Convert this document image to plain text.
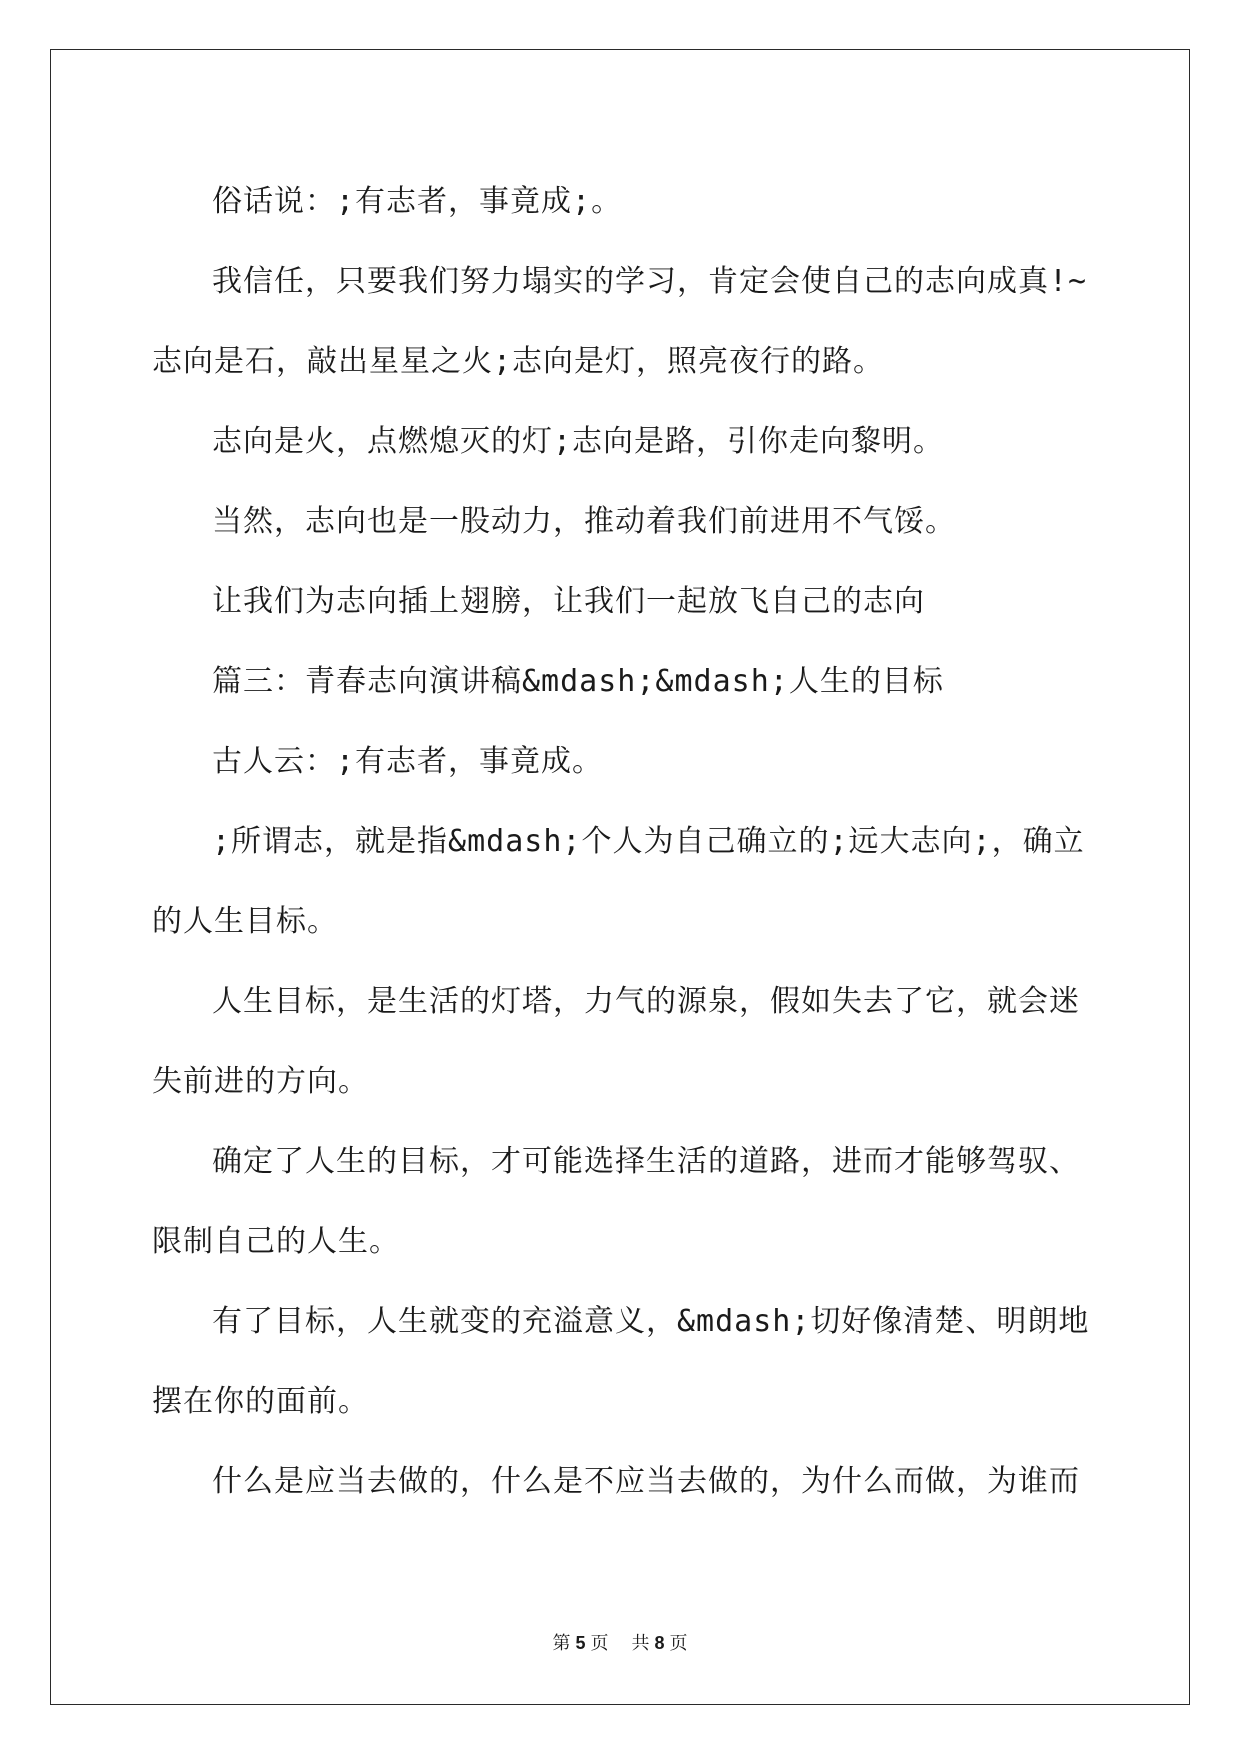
俗话说：;有志者，事竟成;。

我信任，只要我们努力塌实的学习，肯定会使自己的志向成真!~

志向是石，敲出星星之火;志向是灯，照亮夜行的路。

志向是火，点燃熄灭的灯;志向是路，引你走向黎明。

当然，志向也是一股动力，推动着我们前进用不气馁。

让我们为志向插上翅膀，让我们一起放飞自己的志向

篇三：青春志向演讲稿&mdash;&mdash;人生的目标

古人云：;有志者，事竟成。

;所谓志，就是指&mdash;个人为自己确立的;远大志向;，确立的人生目标。

人生目标，是生活的灯塔，力气的源泉，假如失去了它，就会迷失前进的方向。

确定了人生的目标，才可能选择生活的道路，进而才能够驾驭、限制自己的人生。

有了目标，人生就变的充溢意义，&mdash;切好像清楚、明朗地摆在你的面前。

什么是应当去做的，什么是不应当去做的，为什么而做，为谁而

第 5 页 共 8 页
